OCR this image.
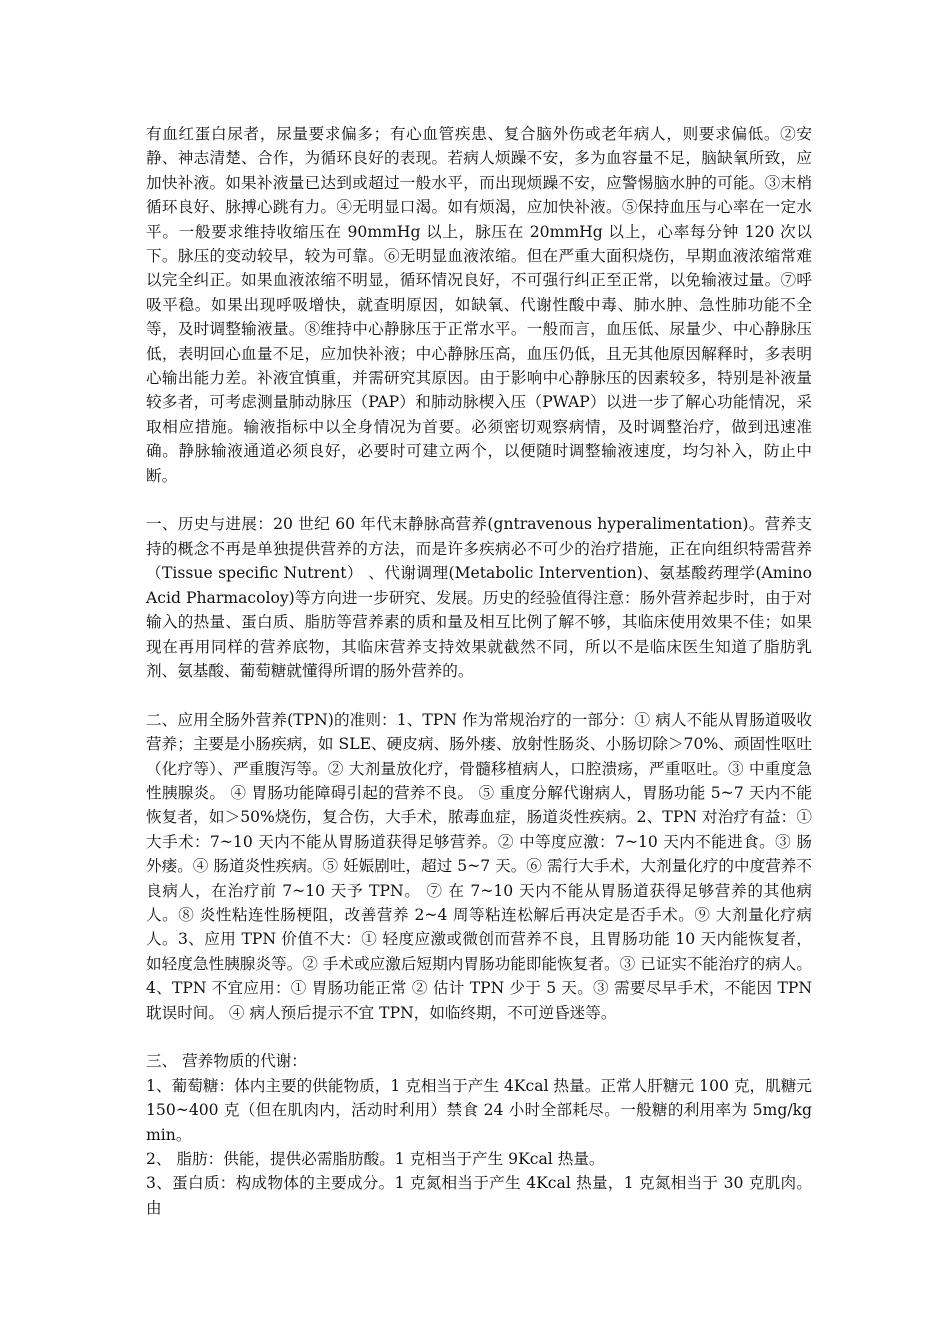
有血红蛋白尿者，尿量要求偏多；有心血管疾患、复合脑外伤或老年病人，则要求偏低。②安静、神志清楚、合作，为循环良好的表现。若病人烦躁不安，多为血容量不足，脑缺氧所致，应加快补液。如果补液量已达到或超过一般水平，而出现烦躁不安，应警惕脑水肿的可能。③末梢循环良好、脉搏心跳有力。④无明显口渴。如有烦渴，应加快补液。⑤保持血压与心率在一定水平。一般要求维持收缩压在 90mmHg 以上，脉压在 20mmHg 以上，心率每分钟 120 次以下。脉压的变动较早，较为可靠。⑥无明显血液浓缩。但在严重大面积烧伤，早期血液浓缩常难以完全纠正。如果血液浓缩不明显，循环情况良好，不可强行纠正至正常，以免输液过量。⑦呼吸平稳。如果出现呼吸增快，就查明原因，如缺氧、代谢性酸中毒、肺水肿、急性肺功能不全等，及时调整输液量。⑧维持中心静脉压于正常水平。一般而言，血压低、尿量少、中心静脉压低，表明回心血量不足，应加快补液；中心静脉压高，血压仍低，且无其他原因解释时，多表明心输出能力差。补液宜慎重，并需研究其原因。由于影响中心静脉压的因素较多，特别是补液量较多者，可考虑测量肺动脉压（PAP）和肺动脉楔入压（PWAP）以进一步了解心功能情况，采取相应措施。输液指标中以全身情况为首要。必须密切观察病情，及时调整治疗，做到迅速准确。静脉输液通道必须良好，必要时可建立两个，以便随时调整输液速度，均匀补入，防止中断。

一、历史与进展：20 世纪 60 年代末静脉高营养(gntravenous hyperalimentation)。营养支持的概念不再是单独提供营养的方法，而是许多疾病必不可少的治疗措施，正在向组织特需营养（Tissue specific Nutrent） 、代谢调理(Metabolic Intervention)、氨基酸药理学(Amino Acid Pharmacoloy)等方向进一步研究、发展。历史的经验值得注意：肠外营养起步时，由于对输入的热量、蛋白质、脂肪等营养素的质和量及相互比例了解不够，其临床使用效果不佳；如果现在再用同样的营养底物，其临床营养支持效果就截然不同，所以不是临床医生知道了脂肪乳剂、氨基酸、葡萄糖就懂得所谓的肠外营养的。

二、应用全肠外营养(TPN)的准则：1、TPN 作为常规治疗的一部分：① 病人不能从胃肠道吸收营养；主要是小肠疾病，如 SLE、硬皮病、肠外瘘、放射性肠炎、小肠切除＞70%、顽固性呕吐（化疗等）、严重腹泻等。② 大剂量放化疗，骨髓移植病人，口腔溃疡，严重呕吐。③ 中重度急性胰腺炎。 ④ 胃肠功能障碍引起的营养不良。 ⑤ 重度分解代谢病人，胃肠功能 5~7 天内不能恢复者，如＞50%烧伤，复合伤，大手术，脓毒血症，肠道炎性疾病。2、TPN 对治疗有益：① 大手术：7~10 天内不能从胃肠道获得足够营养。② 中等度应激：7~10 天内不能进食。③ 肠外瘘。④ 肠道炎性疾病。⑤ 妊娠剧吐，超过 5~7 天。⑥ 需行大手术，大剂量化疗的中度营养不良病人，在治疗前 7~10 天予 TPN。 ⑦ 在 7~10 天内不能从胃肠道获得足够营养的其他病人。⑧ 炎性粘连性肠梗阻，改善营养 2~4 周等粘连松解后再决定是否手术。⑨ 大剂量化疗病人。3、应用 TPN 价值不大：① 轻度应激或微创而营养不良，且胃肠功能 10 天内能恢复者，如轻度急性胰腺炎等。② 手术或应激后短期内胃肠功能即能恢复者。③ 已证实不能治疗的病人。4、TPN 不宜应用：① 胃肠功能正常 ② 估计 TPN 少于 5 天。③ 需要尽早手术，不能因 TPN 耽误时间。 ④ 病人预后提示不宜 TPN，如临终期，不可逆昏迷等。

三、 营养物质的代谢：

1、葡萄糖：体内主要的供能物质，1 克相当于产生 4Kcal 热量。正常人肝糖元 100 克，肌糖元 150~400 克（但在肌肉内，活动时利用）禁食 24 小时全部耗尽。一般糖的利用率为 5mg/kg min。

2、 脂肪：供能，提供必需脂肪酸。1 克相当于产生 9Kcal 热量。

3、蛋白质：构成物体的主要成分。1 克氮相当于产生 4Kcal 热量，1 克氮相当于 30 克肌肉。由
